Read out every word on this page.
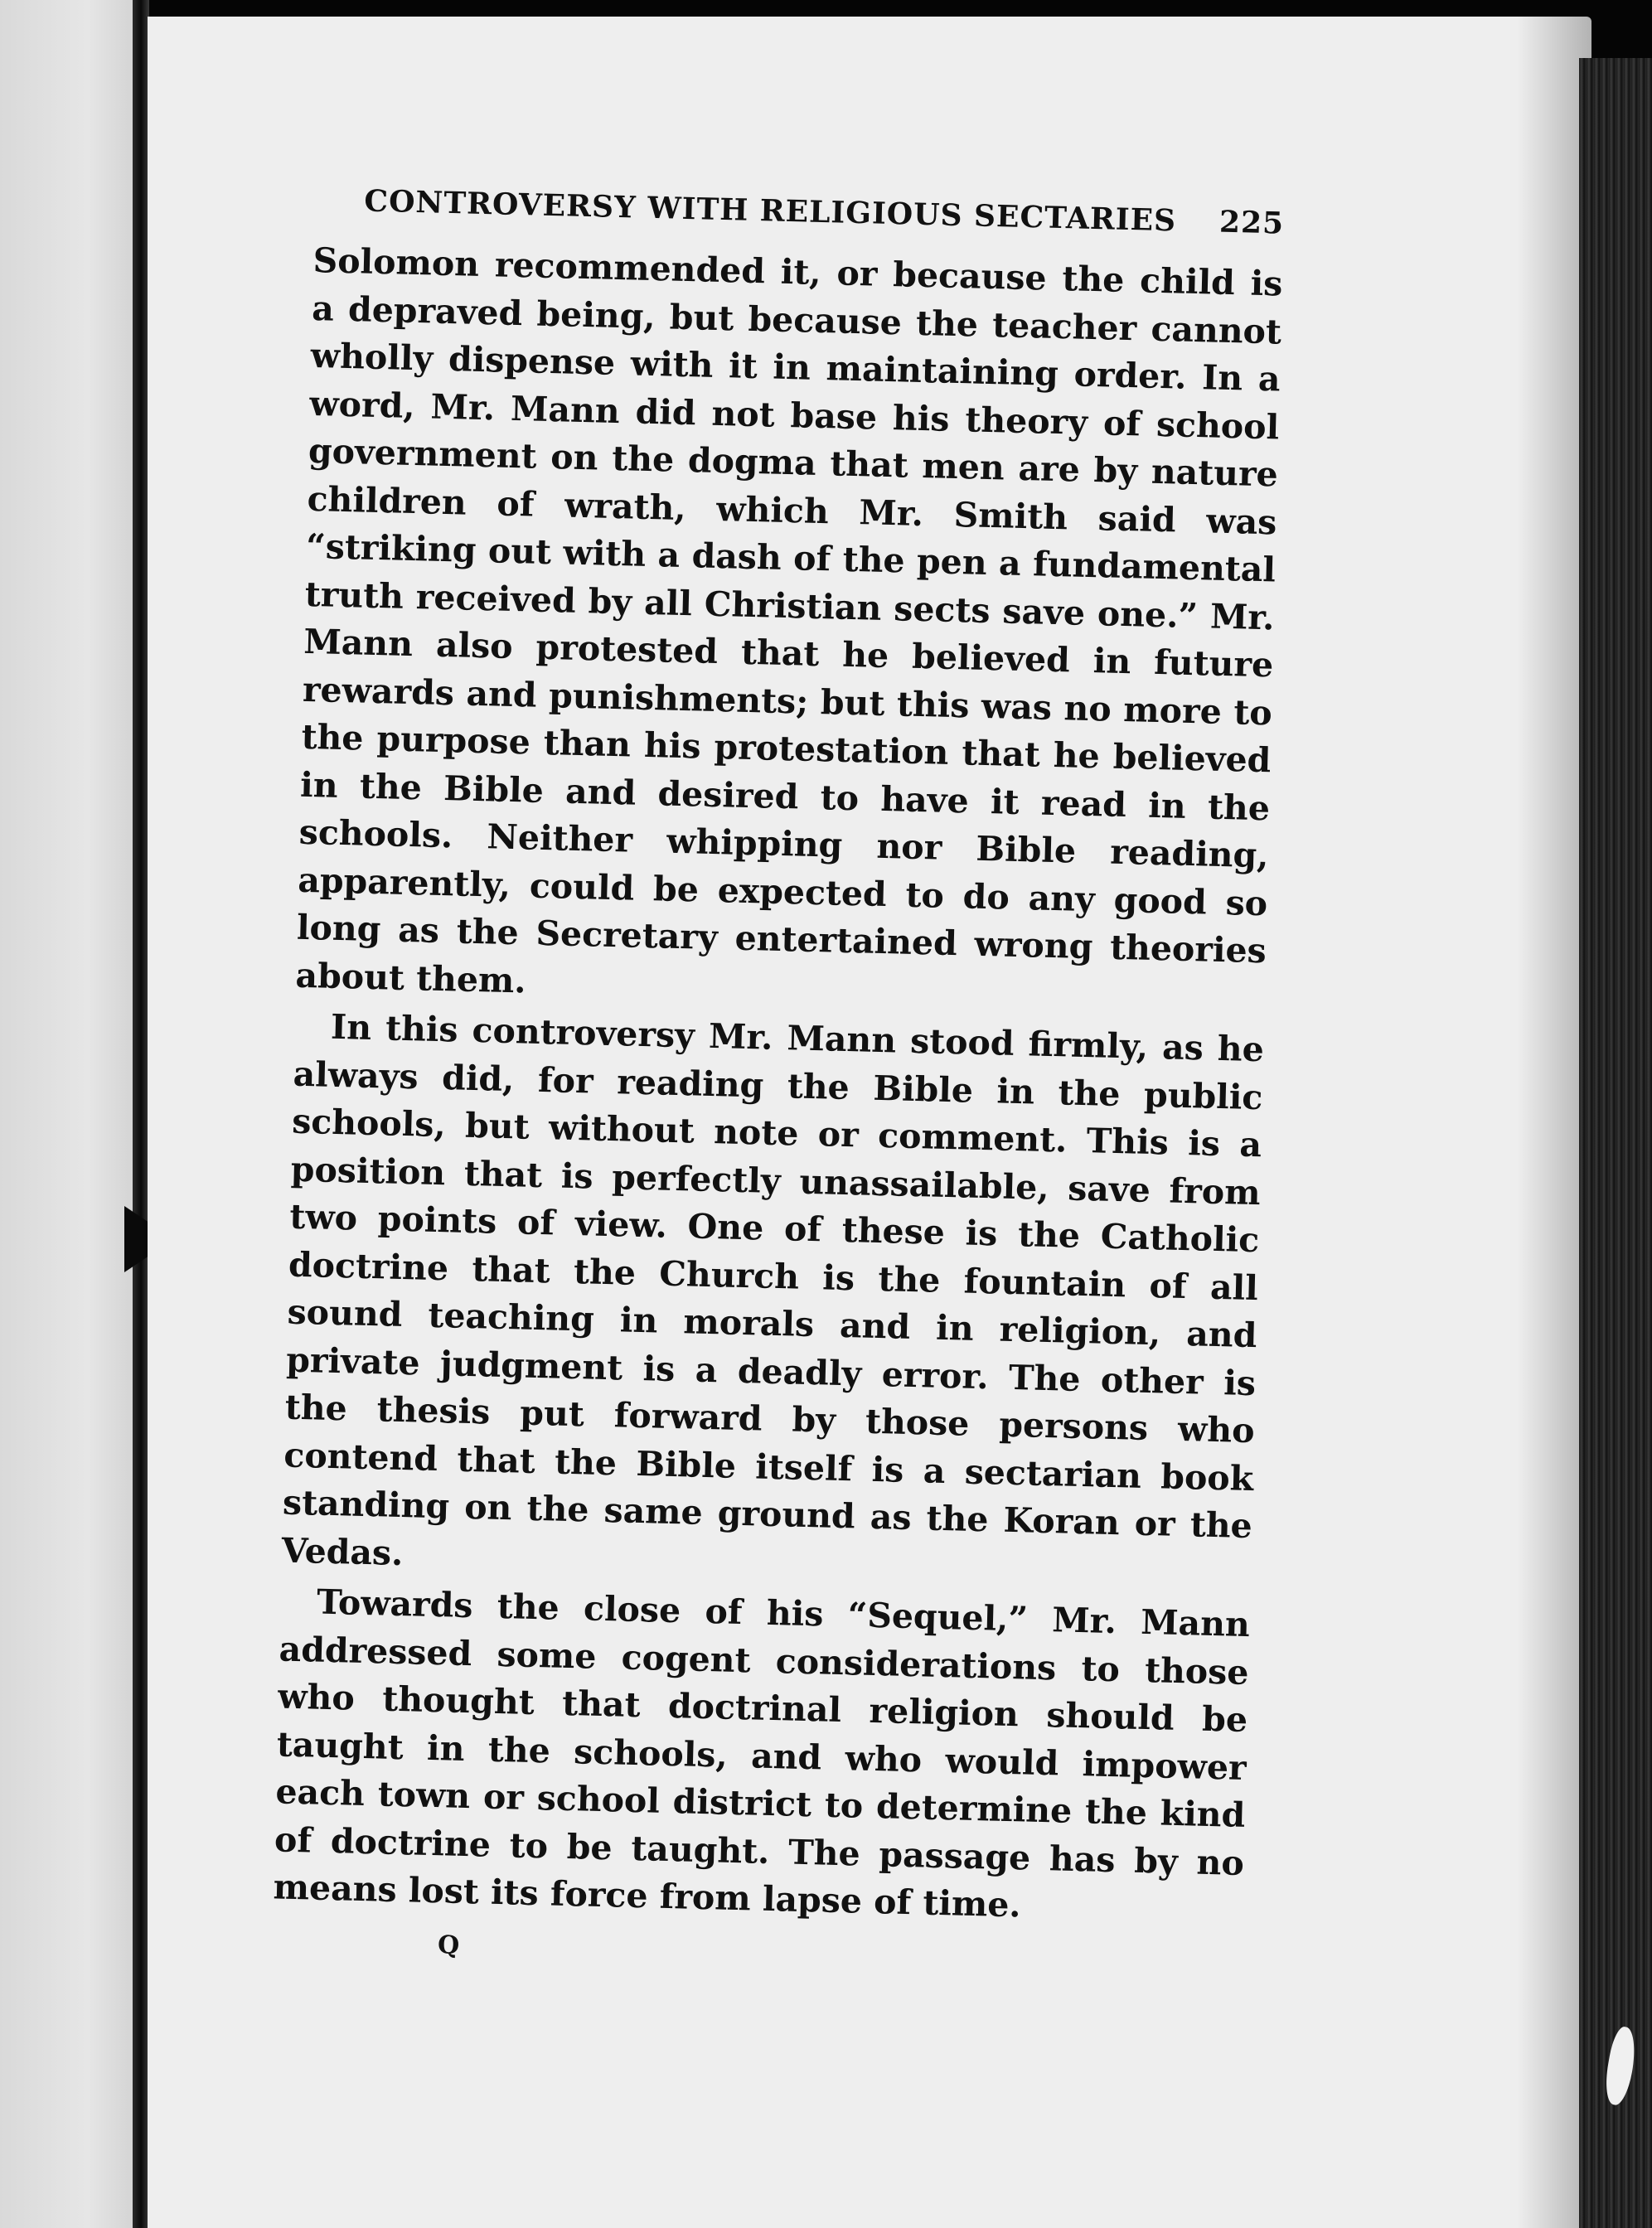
CONTROVERSY WITH RELIGIOUS SECTARIES 225

Solomon recommended it, or because the child is a depraved being, but because the teacher cannot wholly dispense with it in maintaining order. In a word, Mr. Mann did not base his theory of school government on the dogma that men are by nature children of wrath, which Mr. Smith said was “striking out with a dash of the pen a fundamental truth received by all Christian sects save one.” Mr. Mann also protested that he believed in future rewards and punishments; but this was no more to the purpose than his protestation that he believed in the Bible and desired to have it read in the schools. Neither whipping nor Bible reading, apparently, could be expected to do any good so long as the Secretary entertained wrong theories about them.

In this controversy Mr. Mann stood firmly, as he always did, for reading the Bible in the public schools, but without note or comment. This is a position that is perfectly unassailable, save from two points of view. One of these is the Catholic doctrine that the Church is the fountain of all sound teaching in morals and in religion, and private judgment is a deadly error. The other is the thesis put forward by those persons who contend that the Bible itself is a sectarian book standing on the same ground as the Koran or the Vedas.

Towards the close of his “Sequel,” Mr. Mann addressed some cogent considerations to those who thought that doctrinal religion should be taught in the schools, and who would impower each town or school district to determine the kind of doctrine to be taught. The passage has by no means lost its force from lapse of time.

Q
